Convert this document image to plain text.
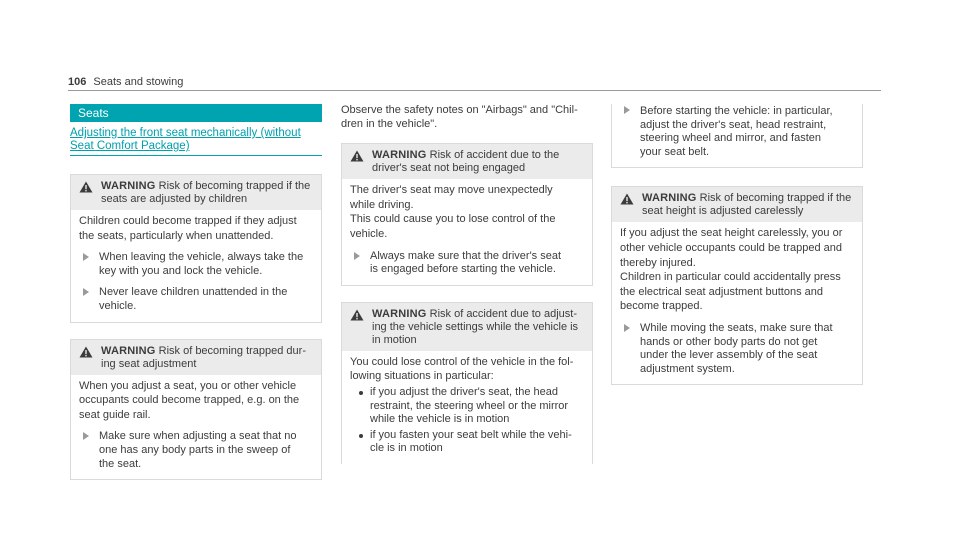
106 Seats and stowing
Seats
Adjusting the front seat mechanically (without
Seat Comfort Package)
WARNING Risk of becoming trapped if the
seats are adjusted by children

Children could become trapped if they adjust

the seats, particularly when unattended.

When leaving the vehicle, always take the
key with you and lock the vehicle.
Never leave children unattended in the
vehicle.
WARNING Risk of becoming trapped dur-
ing seat adjustment

When you adjust a seat, you or other vehicle

occupants could become trapped, e.g. on the

seat guide rail.

Make sure when adjusting a seat that no
one has any body parts in the sweep of
the seat.
Observe the safety notes on "Airbags" and "Chil-
dren in the vehicle".
WARNING Risk of accident due to the
driver's seat not being engaged

The driver's seat may move unexpectedly

while driving.

This could cause you to lose control of the

vehicle.

Always make sure that the driver's seat
is engaged before starting the vehicle.
WARNING Risk of accident due to adjust-
ing the vehicle settings while the vehicle is
in motion

You could lose control of the vehicle in the fol-

lowing situations in particular:

if you adjust the driver's seat, the head
restraint, the steering wheel or the mirror
while the vehicle is in motion
if you fasten your seat belt while the vehi-
cle is in motion
Before starting the vehicle: in particular,
adjust the driver's seat, head restraint,
steering wheel and mirror, and fasten
your seat belt.
WARNING Risk of becoming trapped if the
seat height is adjusted carelessly

If you adjust the seat height carelessly, you or

other vehicle occupants could be trapped and

thereby injured.

Children in particular could accidentally press

the electrical seat adjustment buttons and

become trapped.

While moving the seats, make sure that
hands or other body parts do not get
under the lever assembly of the seat
adjustment system.
